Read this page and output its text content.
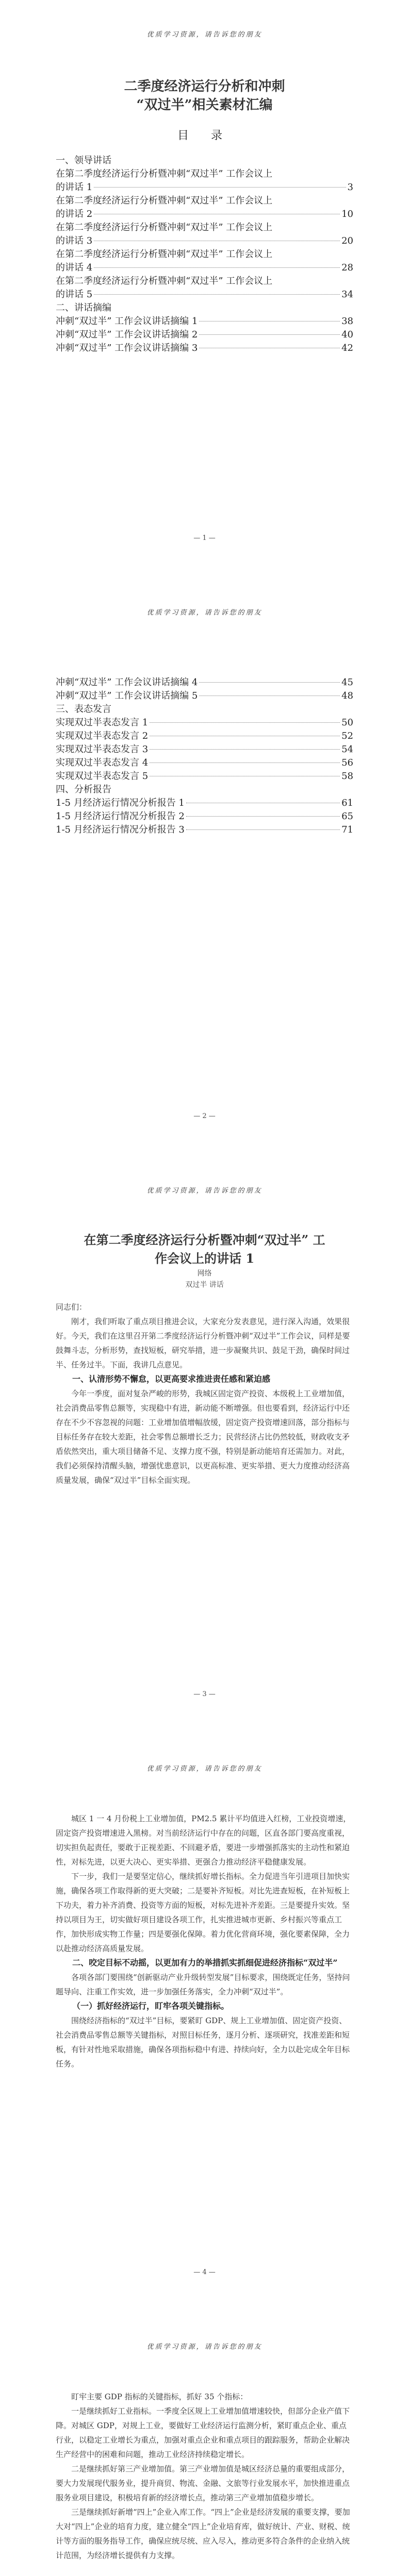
优质学习资源，请告诉您的朋友
二季度经济运行分析和冲刺
“双过半”相关素材汇编
目 录
一、领导讲话
在第二季度经济运行分析暨冲刺“双过半” 工作会议上
的讲话 1	3
在第二季度经济运行分析暨冲刺“双过半” 工作会议上
的讲话 2	10
在第二季度经济运行分析暨冲刺“双过半” 工作会议上
的讲话 3	20
在第二季度经济运行分析暨冲刺“双过半” 工作会议上
的讲话 4	28
在第二季度经济运行分析暨冲刺“双过半” 工作会议上
的讲话 5	34
二、讲话摘编
冲刺“双过半” 工作会议讲话摘编 1	38
冲刺“双过半” 工作会议讲话摘编 2	40
冲刺“双过半” 工作会议讲话摘编 3	42
— 1 —
优质学习资源，请告诉您的朋友
冲刺“双过半” 工作会议讲话摘编 4	45
冲刺“双过半” 工作会议讲话摘编 5	48
三、表态发言
实现双过半表态发言 1	50
实现双过半表态发言 2	52
实现双过半表态发言 3	54
实现双过半表态发言 4	56
实现双过半表态发言 5	58
四、分析报告
1-5 月经济运行情况分析报告 1	61
1-5 月经济运行情况分析报告 2	65
1-5 月经济运行情况分析报告 3	71
— 2 —
优质学习资源，请告诉您的朋友
在第二季度经济运行分析暨冲刺“双过半” 工
作会议上的讲话 1
网络
双过半 讲话

同志们：

刚才，我们听取了重点项目推进会议，大家充分发表意见，进行深入沟通，效果很好。今天，我们在这里召开第二季度经济运行分析暨冲刺“双过半”工作会议，同样是要鼓舞斗志，分析形势，查找短板，研究举措，进一步凝聚共识、鼓足干劲，确保时间过半、任务过半。下面，我讲几点意见。

一、认清形势不懈怠，以更高要求推进责任感和紧迫感

今年一季度，面对复杂严峻的形势，我城区固定资产投资、本级税上工业增加值，社会消费品零售总额等，实现稳中有进，新动能不断增强。但也要看到，经济运行中还存在不少不容忽视的问题：工业增加值增幅放缓，固定资产投资增速回落，部分指标与目标任务存在较大差距，社会零售总额增长乏力；民营经济占比仍然较低，财政收支矛盾依然突出，重大项目储备不足、支撑力度不强，特别是新动能培育还需加力。对此，我们必须保持清醒头脑，增强忧患意识，以更高标准、更实举措、更大力度推动经济高质量发展，确保“双过半”目标全面实现。

— 3 —
优质学习资源，请告诉您的朋友

城区 1 一 4 月份税上工业增加值，PM2.5 累计平均值进入红榜，工业投资增速，固定资产投资增速进入黑榜。对当前经济运行中存在的问题，区直各部门要高度重视，切实担负起责任，要敢于正视差距、不回避矛盾，要进一步增强抓落实的主动性和紧迫性，对标先进，以更大决心、更实举措、更强合力推动经济平稳健康发展。

下一步，我们一是要坚定信心，继续抓好增长指标。全力促进当年引进项目加快实施，确保各项工作取得新的更大突破；二是要补齐短板。对比先进查短板，在补短板上下功夫，着力补齐消费、投资等方面的短板，对标先进补齐差距。三是要提升实效。坚持以项目为王，切实做好项目建设各项工作，扎实推进城市更新、乡村振兴等重点工作，加快形成实物工作量；四是要强化保障。着力优化营商环境，强化要素保障，全力以赴推动经济高质量发展。

二、咬定目标不动摇，以更加有力的举措抓实抓细促进经济指标“双过半”

各项各部门要围绕“创新驱动产业升级转型发展”目标要求，围绕既定任务，坚持问题导向、注重工作实效，进一步加强任务落实，全力冲刺“双过半”。

（一）抓好经济运行，盯牢各项关键指标。

围绕经济指标的“双过半”目标，要紧盯 GDP、规上工业增加值、固定资产投资、社会消费品零售总额等关键指标，对照目标任务，逐月分析、逐项研究，找准差距和短板，有针对性地采取措施，确保各项指标稳中有进、持续向好，全力以赴完成全年目标任务。

— 4 —
优质学习资源，请告诉您的朋友

盯牢主要 GDP 指标的关键指标，抓好 35 个指标：

一是继续抓好工业指标。一季度全区规上工业增加值增速较快，但部分企业产值下降。对城区 GDP，对规上工业，要做好工业经济运行监测分析，紧盯重点企业、重点行业，以稳定工业增长为重点，加强对重点企业和重点项目的跟踪服务，帮助企业解决生产经营中的困难和问题，推动工业经济持续稳定增长。

二是继续抓好第三产业增加值。第三产业增加值是城区经济总量的重要组成部分，要大力发展现代服务业，提升商贸、物流、金融、文旅等行业发展水平，加快推进重点服务业项目建设，积极培育新的经济增长点，推动第三产业增加值稳步增长。

三是继续抓好新增“四上”企业入库工作。“四上”企业是经济发展的重要支撑，要加大对“四上”企业的培育力度，建立健全“四上”企业培育库，做好统计、产业、财税、统计等方面的服务指导工作，确保应统尽统、应入尽入，推动更多符合条件的企业纳入统计范围，为经济增长提供有力支撑。
